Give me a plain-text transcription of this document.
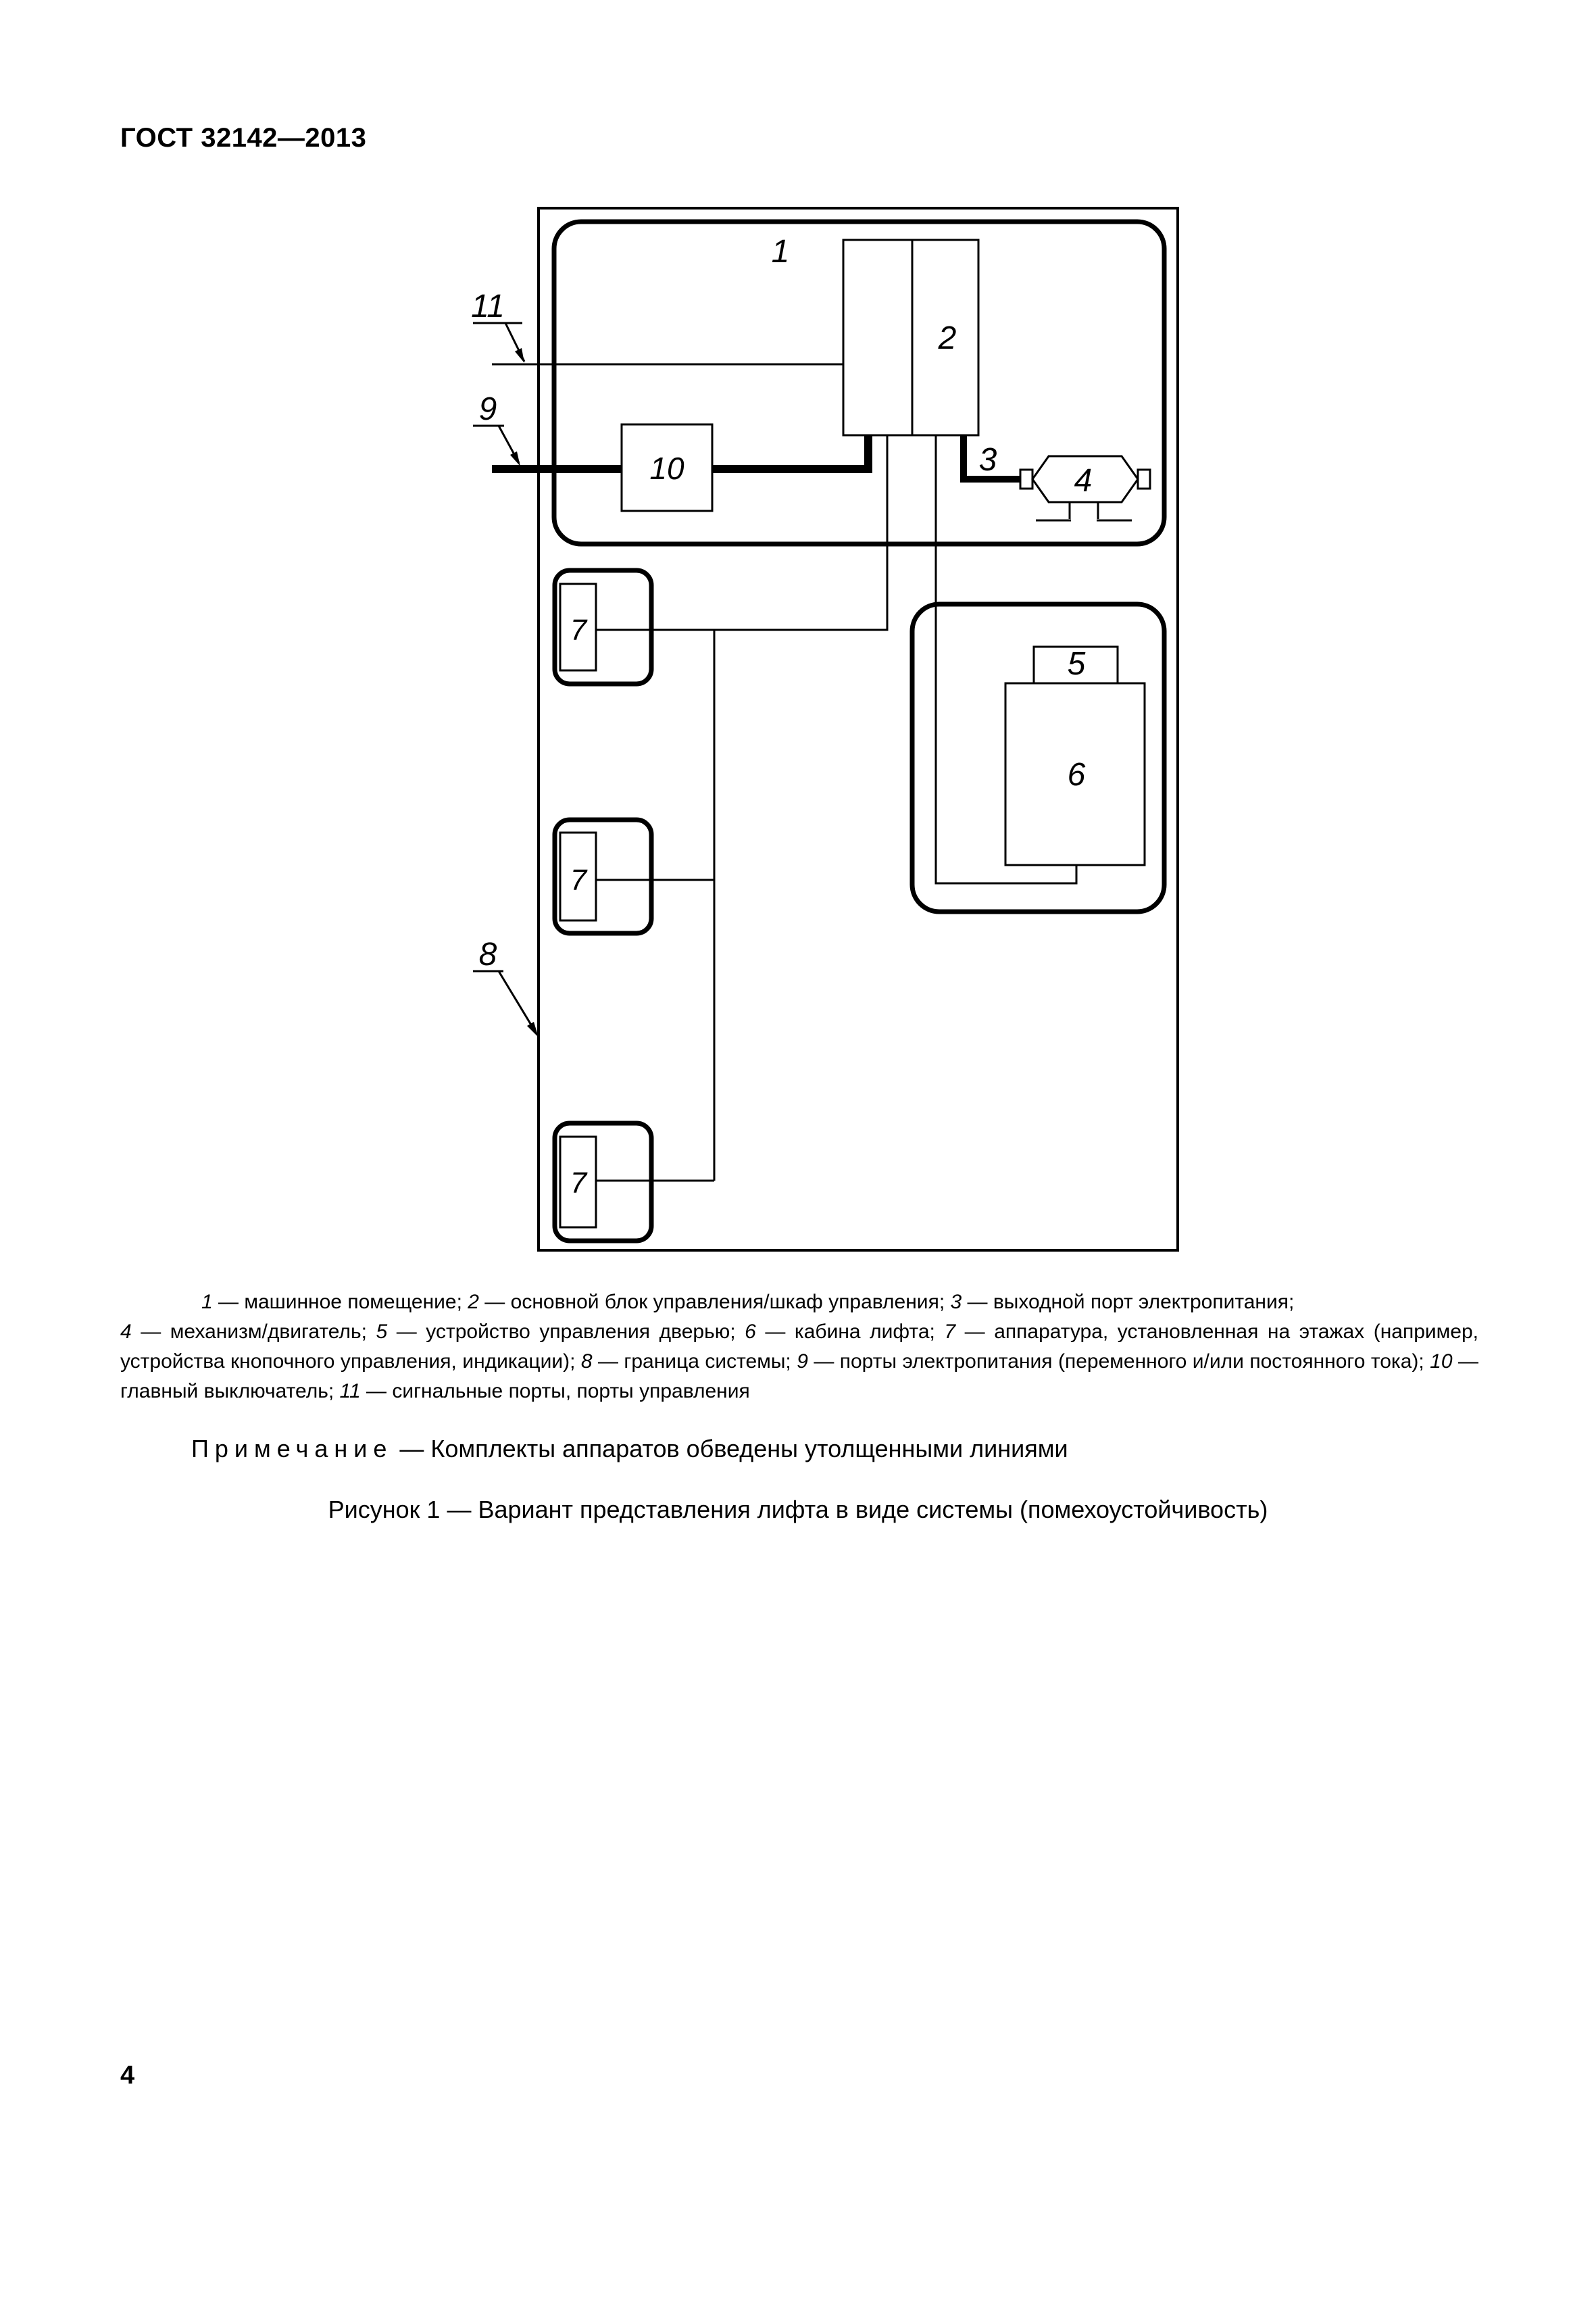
ГОСТ 32142—2013
1
2
3
4
5
6
7
7
7
8
9
10
11
1 — машинное помещение; 2 — основной блок управления/шкаф управления; 3 — выходной порт электропитания;
4 — механизм/двигатель; 5 — устройство управления дверью; 6 — кабина лифта; 7 — аппаратура, установленная на этажах (например, устройства кнопочного управления, индикации); 8 — граница системы; 9 — порты электропитания (переменного и/или постоянного тока); 10 — главный выключатель; 11 — сигнальные порты, порты управления
Примечание — Комплекты аппаратов обведены утолщенными линиями
Рисунок 1 — Вариант представления лифта в виде системы (помехоустойчивость)
4
